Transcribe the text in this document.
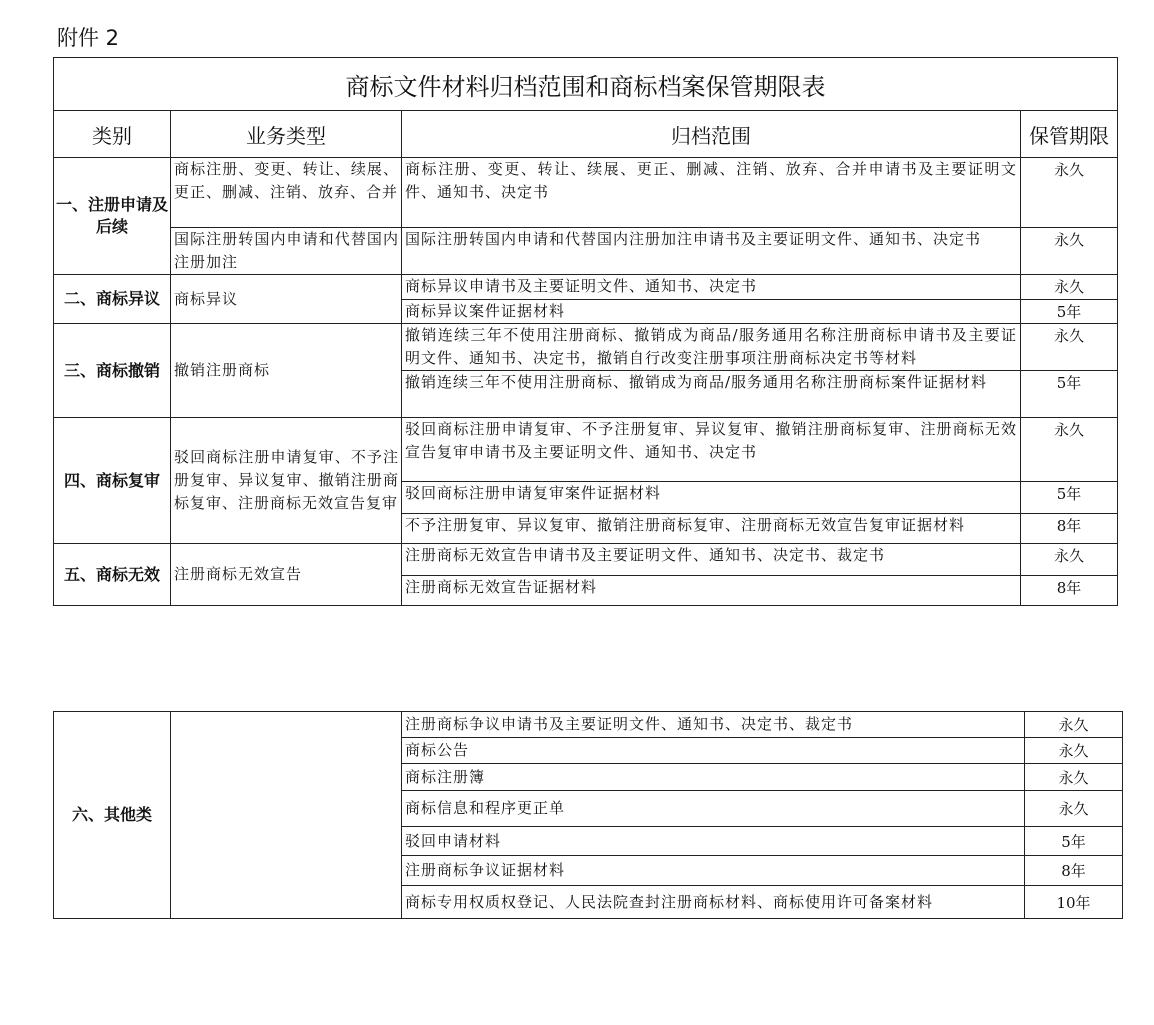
附件 2
商标文件材料归档范围和商标档案保管期限表			
类别	业务类型	归档范围	保管期限
一、注册申请及后续	商标注册、变更、转让、续展、更正、删减、注销、放弃、合并	商标注册、变更、转让、续展、更正、删减、注销、放弃、合并申请书及主要证明文件、通知书、决定书	永久
	国际注册转国内申请和代替国内注册加注	国际注册转国内申请和代替国内注册加注申请书及主要证明文件、通知书、决定书	永久
二、商标异议	商标异议	商标异议申请书及主要证明文件、通知书、决定书	永久
		商标异议案件证据材料	5年
三、商标撤销	撤销注册商标	撤销连续三年不使用注册商标、撤销成为商品/服务通用名称注册商标申请书及主要证明文件、通知书、决定书，撤销自行改变注册事项注册商标决定书等材料	永久
		撤销连续三年不使用注册商标、撤销成为商品/服务通用名称注册商标案件证据材料	5年
四、商标复审	驳回商标注册申请复审、不予注册复审、异议复审、撤销注册商标复审、注册商标无效宣告复审	驳回商标注册申请复审、不予注册复审、异议复审、撤销注册商标复审、注册商标无效宣告复审申请书及主要证明文件、通知书、决定书	永久
		驳回商标注册申请复审案件证据材料	5年
		不予注册复审、异议复审、撤销注册商标复审、注册商标无效宣告复审证据材料	8年
五、商标无效	注册商标无效宣告	注册商标无效宣告申请书及主要证明文件、通知书、决定书、裁定书	永久
		注册商标无效宣告证据材料	8年
六、其他类		注册商标争议申请书及主要证明文件、通知书、决定书、裁定书	永久
		商标公告	永久
		商标注册簿	永久
		商标信息和程序更正单	永久
		驳回申请材料	5年
		注册商标争议证据材料	8年
		商标专用权质权登记、人民法院查封注册商标材料、商标使用许可备案材料	10年
